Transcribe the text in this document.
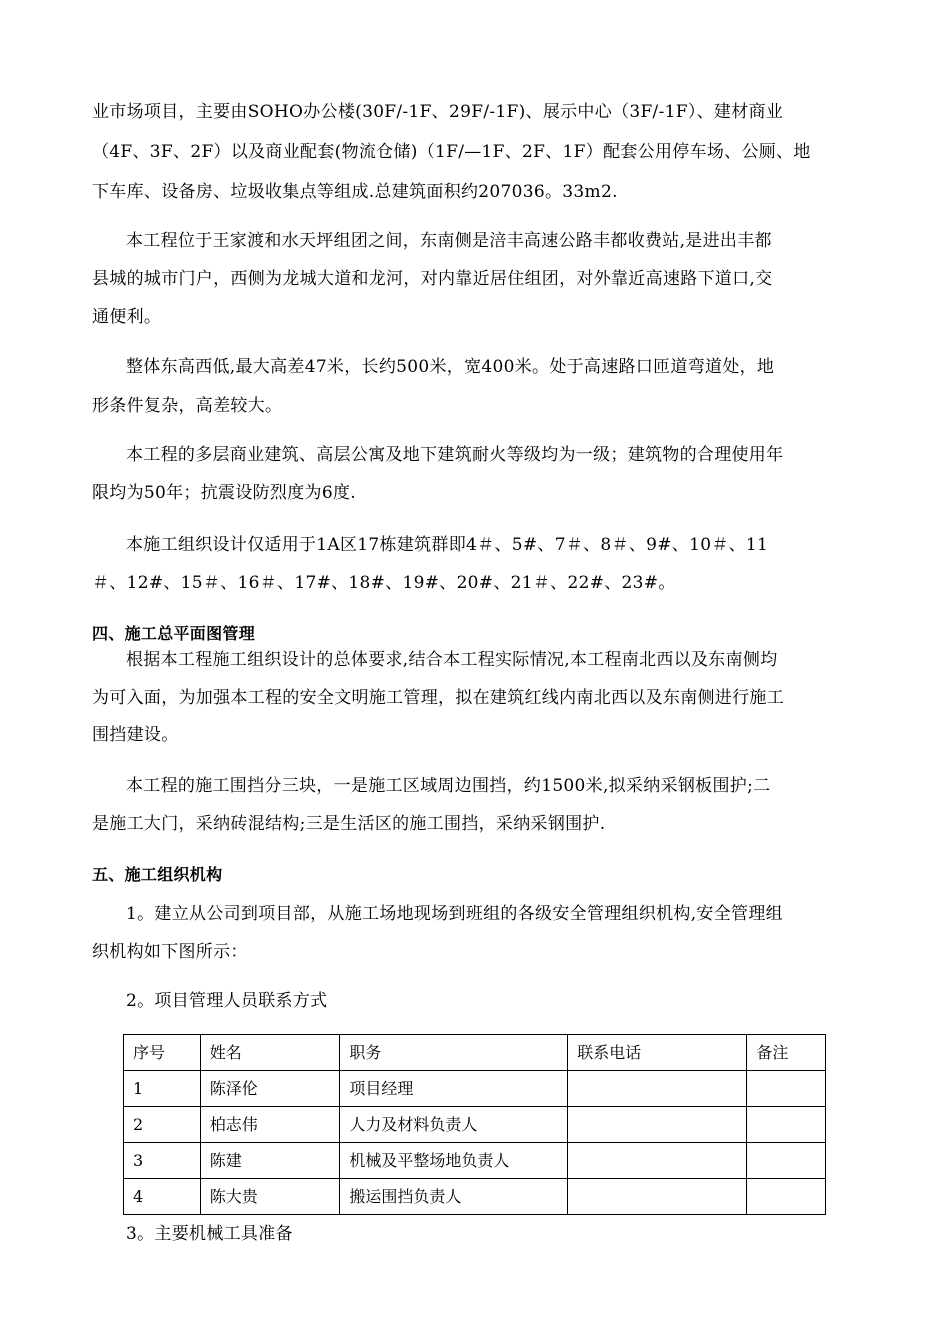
业市场项目，主要由SOHO办公楼(30F/-1F、29F/-1F)、展示中心（3F/-1F）、建材商业
（4F、3F、2F）以及商业配套(物流仓储)（1F/—1F、2F、1F）配套公用停车场、公厕、地
下车库、设备房、垃圾收集点等组成.总建筑面积约207036。33m2.
本工程位于王家渡和水天坪组团之间，东南侧是涪丰高速公路丰都收费站,是进出丰都
县城的城市门户，西侧为龙城大道和龙河，对内靠近居住组团，对外靠近高速路下道口,交
通便利。
整体东高西低,最大高差47米，长约500米，宽400米。处于高速路口匝道弯道处，地
形条件复杂，高差较大。
本工程的多层商业建筑、高层公寓及地下建筑耐火等级均为一级；建筑物的合理使用年
限均为50年；抗震设防烈度为6度.
本施工组织设计仅适用于1A区17栋建筑群即4＃、5#、7＃、8＃、9#、10＃、11
＃、12#、15＃、16＃、17#、18#、19#、20#、21＃、22#、23#。
四、施工总平面图管理
根据本工程施工组织设计的总体要求,结合本工程实际情况,本工程南北西以及东南侧均
为可入面，为加强本工程的安全文明施工管理，拟在建筑红线内南北西以及东南侧进行施工
围挡建设。
本工程的施工围挡分三块，一是施工区域周边围挡，约1500米,拟采纳采钢板围护;二
是施工大门，采纳砖混结构;三是生活区的施工围挡，采纳采钢围护.
五、施工组织机构
1。建立从公司到项目部，从施工场地现场到班组的各级安全管理组织机构,安全管理组
织机构如下图所示：
2。项目管理人员联系方式
序号	姓名	职务	联系电话	备注
1	陈泽伦	项目经理		
2	柏志伟	人力及材料负责人		
3	陈建	机械及平整场地负责人		
4	陈大贵	搬运围挡负责人		
3。主要机械工具准备
